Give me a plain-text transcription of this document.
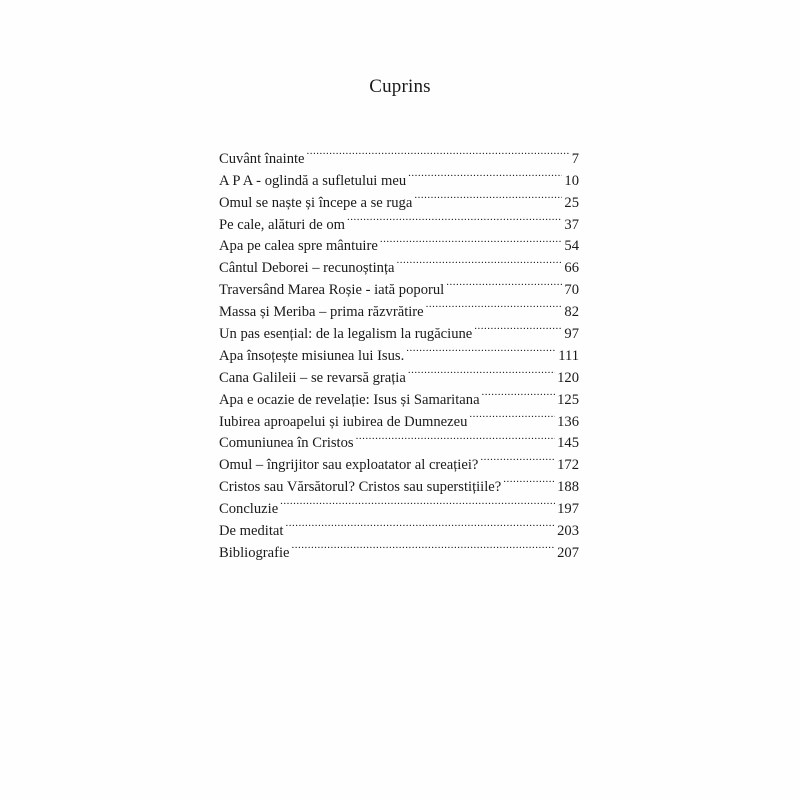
Cuprins
Cuvânt înainte .....	7
A P A - oglindă a sufletului meu .....	10
Omul se naște și începe a se ruga .....	25
Pe cale, alături de om .....	37
Apa pe calea spre mântuire .....	54
Cântul Deborei – recunoștința .....	66
Traversând Marea Roșie - iată poporul .....	70
Massa și Meriba – prima răzvrătire .....	82
Un pas esențial: de la legalism la rugăciune .....	97
Apa însoțește misiunea lui Isus. .....	111
Cana Galileii – se revarsă grația .....	120
Apa e ocazie de revelație: Isus și Samaritana .....	125
Iubirea aproapelui și iubirea de Dumnezeu .....	136
Comuniunea în Cristos .....	145
Omul – îngrijitor sau exploatator al creației? .....	172
Cristos sau Vărsătorul? Cristos sau superstițiile? .....	188
Concluzie .....	197
De meditat .....	203
Bibliografie .....	207
